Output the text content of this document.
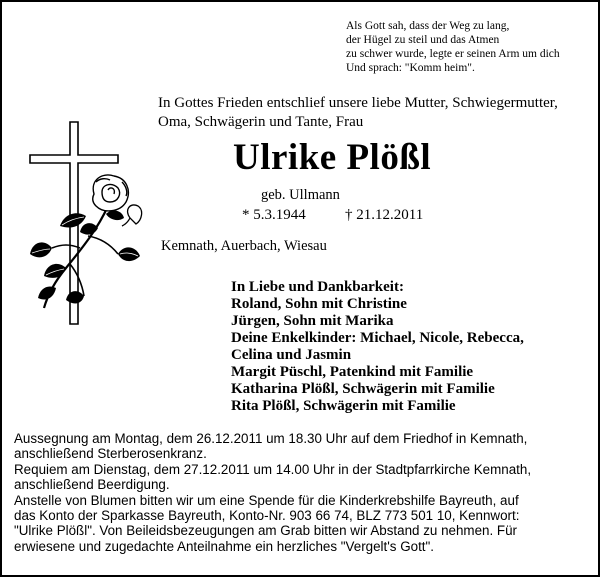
Als Gott sah, dass der Weg zu lang,
der Hügel zu steil und das Atmen
zu schwer wurde, legte er seinen Arm um dich
Und sprach: "Komm heim".
In Gottes Frieden entschlief unsere liebe Mutter, Schwiegermutter,
Oma, Schwägerin und Tante, Frau
Ulrike Plößl
geb. Ullmann
* 5.3.1944	† 21.12.2011
Kemnath, Auerbach, Wiesau
In Liebe und Dankbarkeit:
Roland, Sohn mit Christine
Jürgen, Sohn mit Marika
Deine Enkelkinder: Michael, Nicole, Rebecca,
Celina und Jasmin
Margit Püschl, Patenkind mit Familie
Katharina Plößl, Schwägerin mit Familie
Rita Plößl, Schwägerin mit Familie
Aussegnung am Montag, dem 26.12.2011 um 18.30 Uhr auf dem Friedhof in Kemnath,
anschließend Sterberosenkranz.
Requiem am Dienstag, dem 27.12.2011 um 14.00 Uhr in der Stadtpfarrkirche Kemnath,
anschließend Beerdigung.
Anstelle von Blumen bitten wir um eine Spende für die Kinderkrebshilfe Bayreuth, auf
das Konto der Sparkasse Bayreuth, Konto-Nr. 903 66 74, BLZ 773 501 10, Kennwort:
"Ulrike Plößl". Von Beileidsbezeugungen am Grab bitten wir Abstand zu nehmen. Für
erwiesene und zugedachte Anteilnahme ein herzliches "Vergelt's Gott".
